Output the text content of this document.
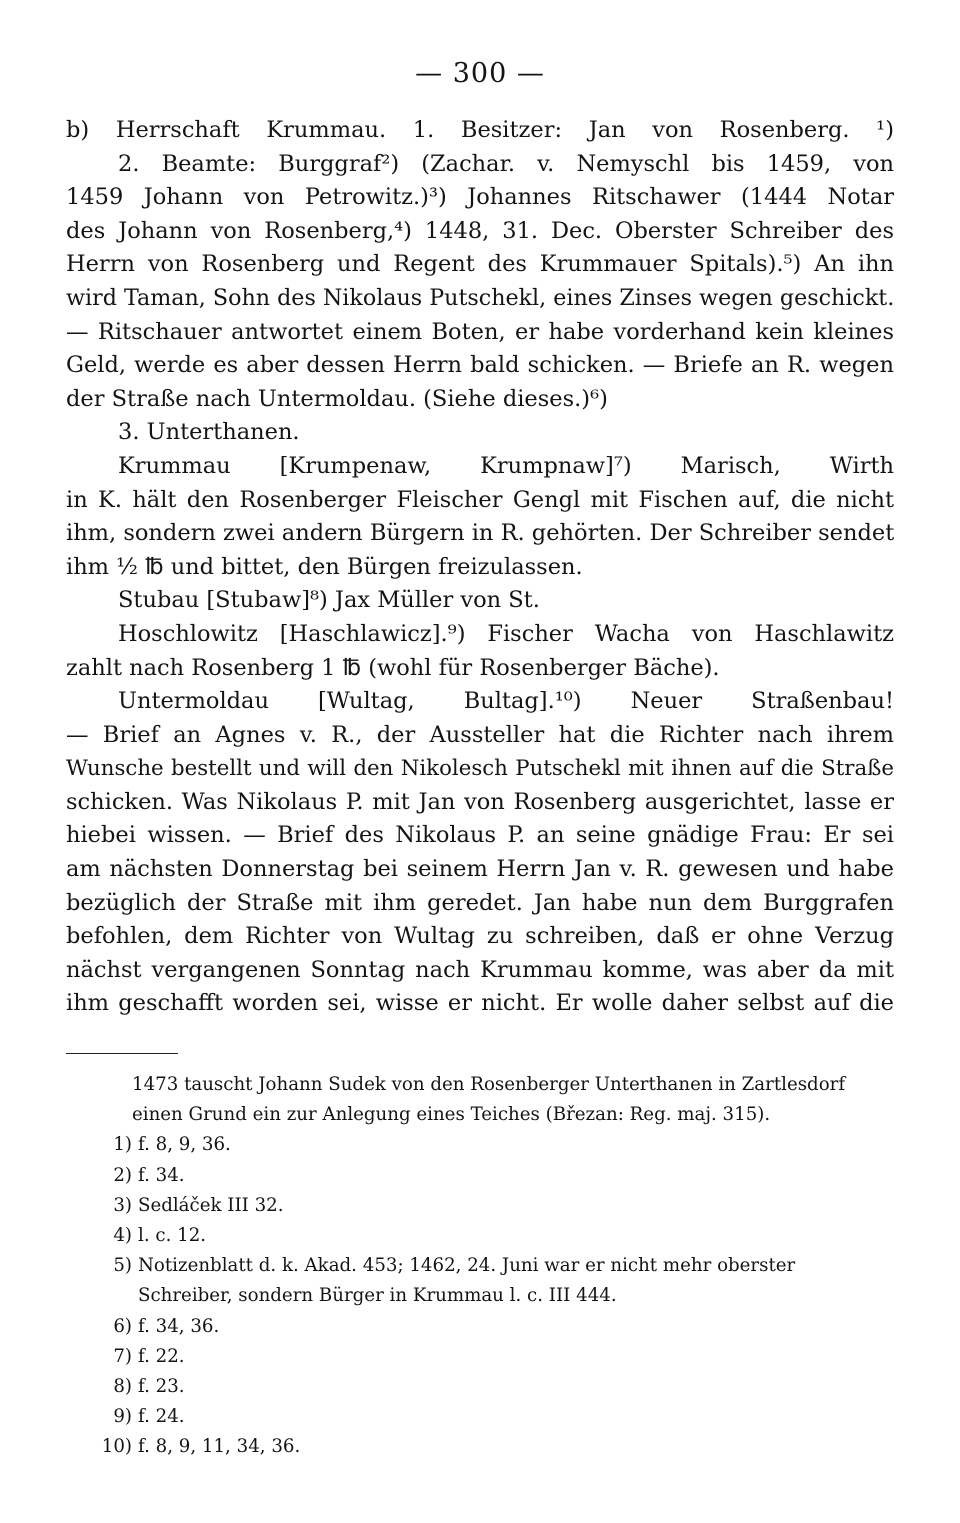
— 300 —
b) Herrschaft Krummau. 1. Besitzer: Jan von Rosenberg. ¹)
2. Beamte: Burggraf²) (Zachar. v. Nemyschl bis 1459, von
1459 Johann von Petrowitz.)³) Johannes Ritschawer (1444 Notar
des Johann von Rosenberg,⁴) 1448, 31. Dec. Oberster Schreiber des
Herrn von Rosenberg und Regent des Krummauer Spitals).⁵) An ihn
wird Taman, Sohn des Nikolaus Putschekl, eines Zinses wegen geschickt.
— Ritschauer antwortet einem Boten, er habe vorderhand kein kleines
Geld, werde es aber dessen Herrn bald schicken. — Briefe an R. wegen
der Straße nach Untermoldau. (Siehe dieses.)⁶)
3. Unterthanen.
Krummau [Krumpenaw, Krumpnaw]⁷) Marisch, Wirth
in K. hält den Rosenberger Fleischer Gengl mit Fischen auf, die nicht
ihm, sondern zwei andern Bürgern in R. gehörten. Der Schreiber sendet
ihm ½ ℔ und bittet, den Bürgen freizulassen.
Stubau [Stubaw]⁸) Jax Müller von St.
Hoschlowitz [Haschlawicz].⁹) Fischer Wacha von Haschlawitz
zahlt nach Rosenberg 1 ℔ (wohl für Rosenberger Bäche).
Untermoldau [Wultag, Bultag].¹⁰) Neuer Straßenbau!
— Brief an Agnes v. R., der Aussteller hat die Richter nach ihrem
Wunsche bestellt und will den Nikolesch Putschekl mit ihnen auf die Straße
schicken. Was Nikolaus P. mit Jan von Rosenberg ausgerichtet, lasse er
hiebei wissen. — Brief des Nikolaus P. an seine gnädige Frau: Er sei
am nächsten Donnerstag bei seinem Herrn Jan v. R. gewesen und habe
bezüglich der Straße mit ihm geredet. Jan habe nun dem Burggrafen
befohlen, dem Richter von Wultag zu schreiben, daß er ohne Verzug
nächst vergangenen Sonntag nach Krummau komme, was aber da mit
ihm geschafft worden sei, wisse er nicht. Er wolle daher selbst auf die
1473 tauscht Johann Sudek von den Rosenberger Unterthanen in Zartlesdorf
einen Grund ein zur Anlegung eines Teiches (Březan: Reg. maj. 315).
1) f. 8, 9, 36.
2) f. 34.
3) Sedláček III 32.
4) l. c. 12.
5) Notizenblatt d. k. Akad. 453; 1462, 24. Juni war er nicht mehr oberster
Schreiber, sondern Bürger in Krummau l. c. III 444.
6) f. 34, 36.
7) f. 22.
8) f. 23.
9) f. 24.
10) f. 8, 9, 11, 34, 36.
